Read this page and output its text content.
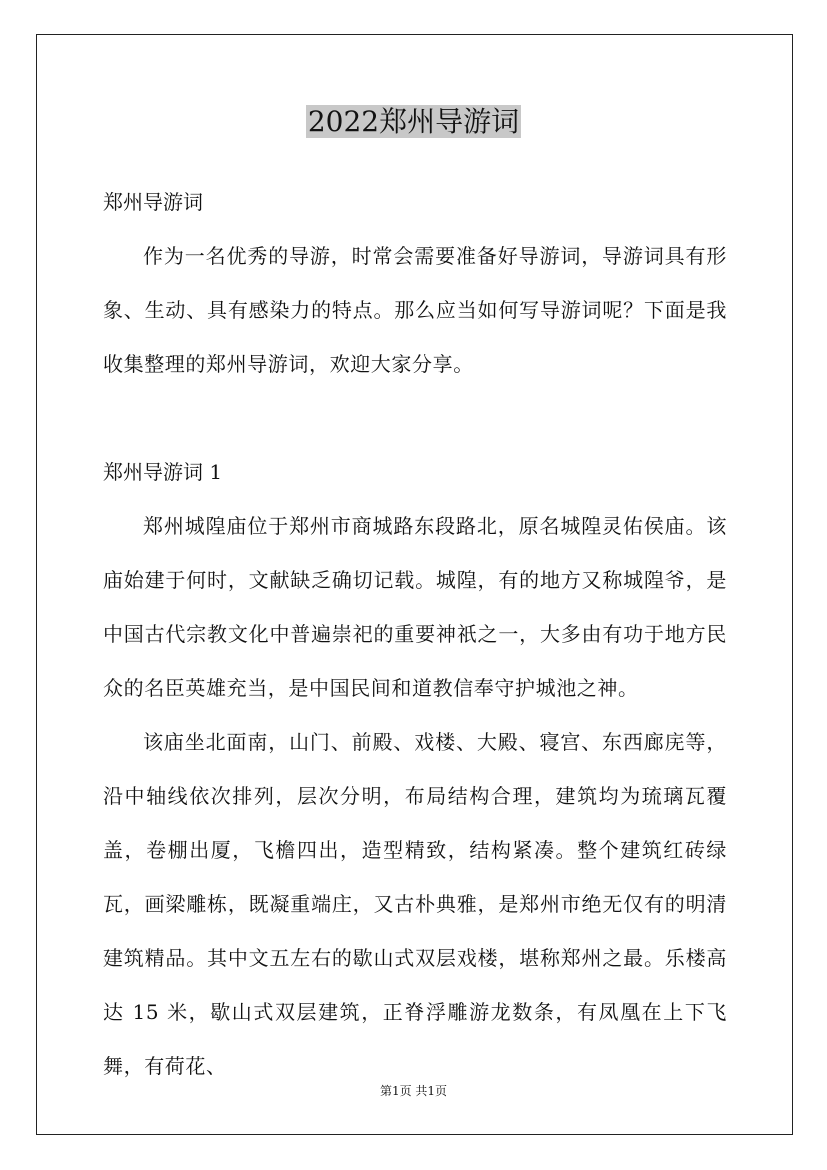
2022郑州导游词

郑州导游词

作为一名优秀的导游，时常会需要准备好导游词，导游词具有形象、生动、具有感染力的特点。那么应当如何写导游词呢？下面是我收集整理的郑州导游词，欢迎大家分享。

郑州导游词 1

郑州城隍庙位于郑州市商城路东段路北，原名城隍灵佑侯庙。该庙始建于何时，文献缺乏确切记载。城隍，有的地方又称城隍爷，是中国古代宗教文化中普遍崇祀的重要神祇之一，大多由有功于地方民众的名臣英雄充当，是中国民间和道教信奉守护城池之神。

该庙坐北面南，山门、前殿、戏楼、大殿、寝宫、东西廊庑等，沿中轴线依次排列，层次分明，布局结构合理，建筑均为琉璃瓦覆盖，卷棚出厦，飞檐四出，造型精致，结构紧凑。整个建筑红砖绿瓦，画梁雕栋，既凝重端庄，又古朴典雅，是郑州市绝无仅有的明清建筑精品。其中文五左右的歇山式双层戏楼，堪称郑州之最。乐楼高达 15 米，歇山式双层建筑，正脊浮雕游龙数条，有凤凰在上下飞舞，有荷花、

第1页 共1页
